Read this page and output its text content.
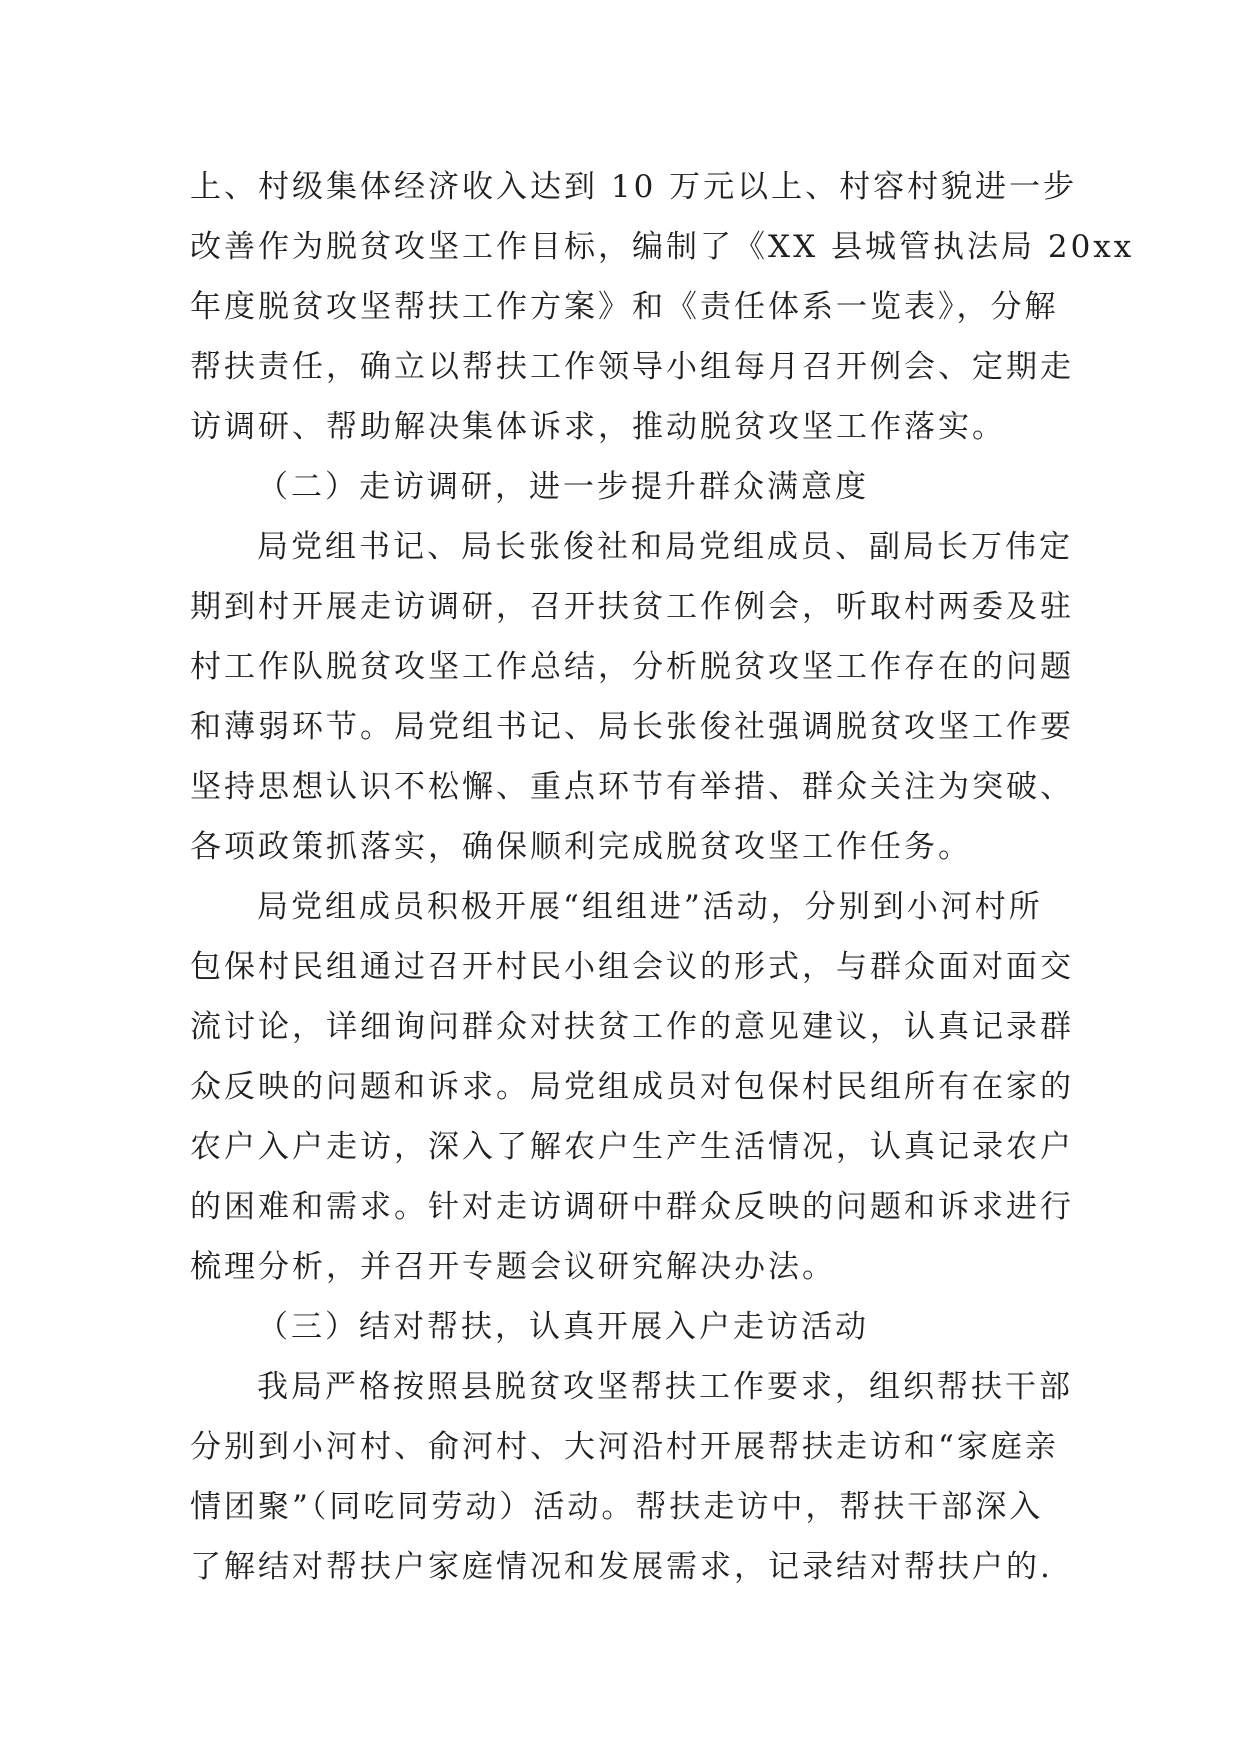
上、村级集体经济收入达到 10 万元以上、村容村貌进一步
改善作为脱贫攻坚工作目标，编制了《XX 县城管执法局 20xx
年度脱贫攻坚帮扶工作方案》和《责任体系一览表》，分解
帮扶责任，确立以帮扶工作领导小组每月召开例会、定期走
访调研、帮助解决集体诉求，推动脱贫攻坚工作落实。
（二）走访调研，进一步提升群众满意度
局党组书记、局长张俊社和局党组成员、副局长万伟定
期到村开展走访调研，召开扶贫工作例会，听取村两委及驻
村工作队脱贫攻坚工作总结，分析脱贫攻坚工作存在的问题
和薄弱环节。局党组书记、局长张俊社强调脱贫攻坚工作要
坚持思想认识不松懈、重点环节有举措、群众关注为突破、
各项政策抓落实，确保顺利完成脱贫攻坚工作任务。
局党组成员积极开展“组组进”活动，分别到小河村所
包保村民组通过召开村民小组会议的形式，与群众面对面交
流讨论，详细询问群众对扶贫工作的意见建议，认真记录群
众反映的问题和诉求。局党组成员对包保村民组所有在家的
农户入户走访，深入了解农户生产生活情况，认真记录农户
的困难和需求。针对走访调研中群众反映的问题和诉求进行
梳理分析，并召开专题会议研究解决办法。
（三）结对帮扶，认真开展入户走访活动
我局严格按照县脱贫攻坚帮扶工作要求，组织帮扶干部
分别到小河村、俞河村、大河沿村开展帮扶走访和“家庭亲
情团聚”（同吃同劳动）活动。帮扶走访中，帮扶干部深入
了解结对帮扶户家庭情况和发展需求，记录结对帮扶户的.
